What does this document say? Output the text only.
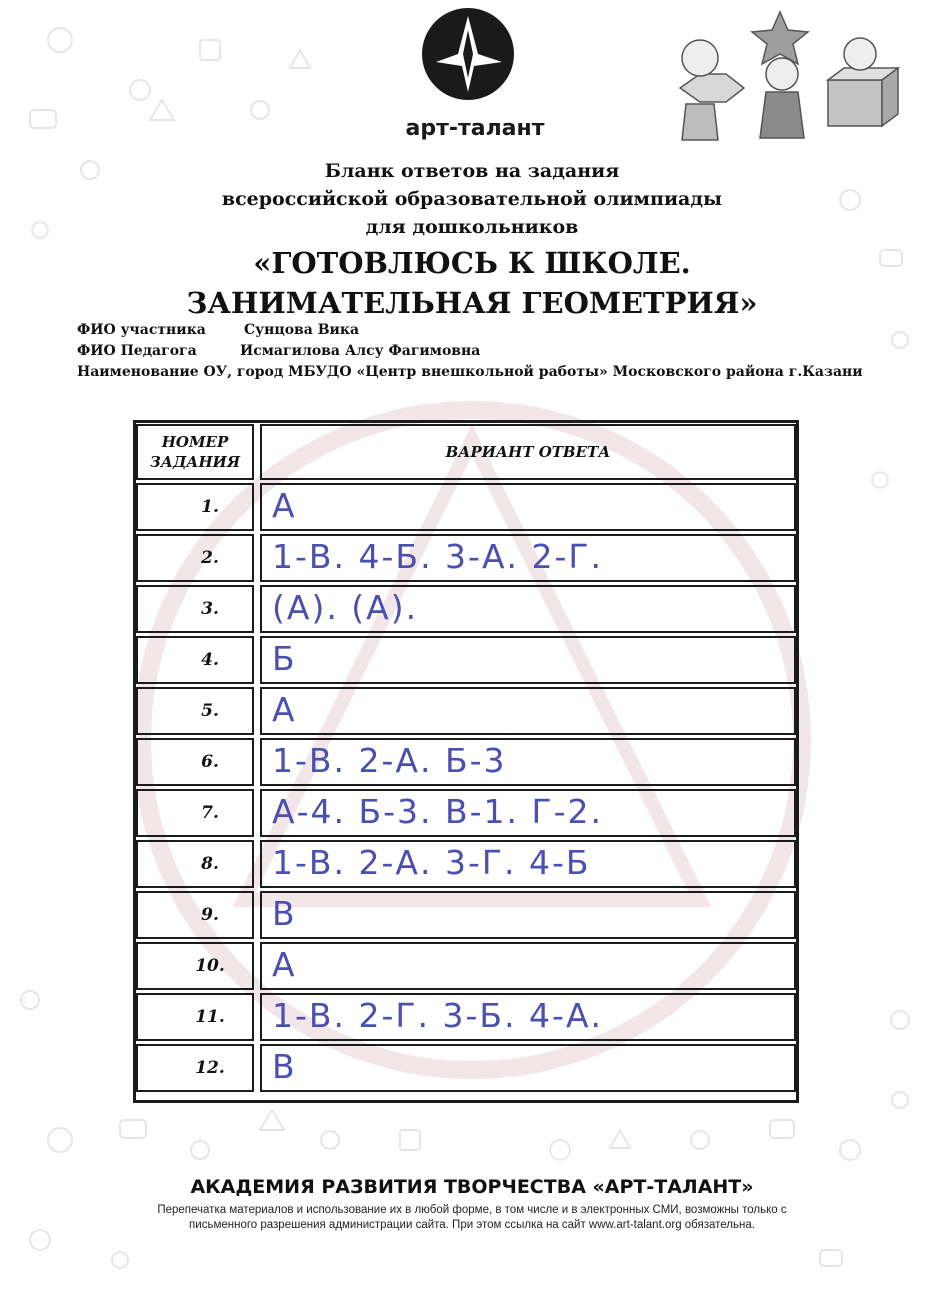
арт-талант
Бланк ответов на задания
всероссийской образовательной олимпиады
для дошкольников
«ГОТОВЛЮСЬ К ШКОЛЕ.
ЗАНИМАТЕЛЬНАЯ ГЕОМЕТРИЯ»
ФИО участника	Сунцова Вика
ФИО Педагога	Исмагилова Алсу Фагимовна
Наименование ОУ, город МБУДО «Центр внешкольной работы» Московского района г.Казани
НОМЕР
ЗАДАНИЯ
ВАРИАНТ ОТВЕТА
1. А
2. 1-В. 4-Б. 3-А. 2-Г.
3. (А). (А).
4. Б
5. А
6. 1-В. 2-А. Б-3
7. А-4. Б-3. В-1. Г-2.
8. 1-В. 2-А. 3-Г. 4-Б
9. В
10. А
11. 1-В. 2-Г. 3-Б. 4-А.
12. В
АКАДЕМИЯ РАЗВИТИЯ ТВОРЧЕСТВА «АРТ-ТАЛАНТ»
Перепечатка материалов и использование их в любой форме, в том числе и в электронных СМИ, возможны только с
письменного разрешения администрации сайта. При этом ссылка на сайт www.art-talant.org обязательна.
